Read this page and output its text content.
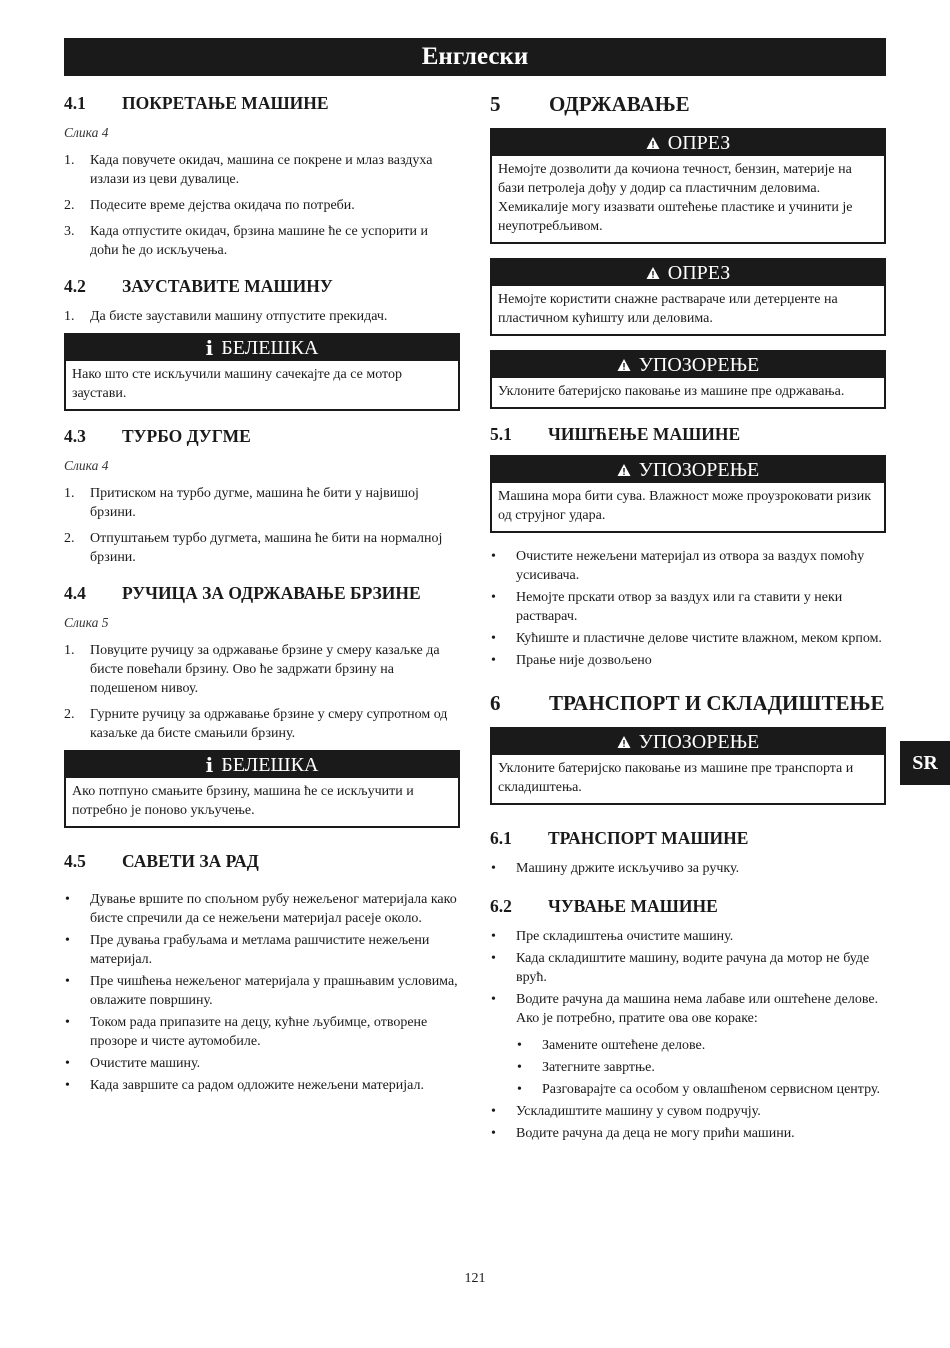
Енглески
4.1	ПОКРЕТАЊЕ МАШИНЕ
Слика 4
1. Када повучете окидач, машина се покрене и млаз ваздуха излази из цеви дувалице.
2. Подесите време дејства окидача по потреби.
3. Када отпустите окидач, брзина машине ће се успорити и доћи ће до искључења.
4.2	ЗАУСТАВИТЕ МАШИНУ
1. Да бисте зауставили машину отпустите прекидач.
i БЕЛЕШКА
Нако што сте искључили машину сачекајте да се мотор заустави.
4.3	ТУРБО ДУГМЕ
Слика 4
1. Притиском на турбо дугме, машина ће бити у највишој брзини.
2. Отпуштањем турбо дугмета, машина ће бити на нормалној брзини.
4.4	РУЧИЦА ЗА ОДРЖАВАЊЕ БРЗИНЕ
Слика 5
1. Повуците ручицу за одржавање брзине у смеру казаљке да бисте повећали брзину. Ово ће задржати брзину на подешеном нивоу.
2. Гурните ручицу за одржавање брзине у смеру супротном од казаљке да бисте смањили брзину.
i БЕЛЕШКА
Ако потпуно смањите брзину, машина ће се искључити и потребно је поново укључење.
4.5	САВЕТИ ЗА РАД
• Дување вршите по спољном рубу нежељеног материјала како бисте спречили да се нежељени материјал расеје около.
• Пре дувања грабуљама и метлама рашчистите нежељени материјал.
• Пре чишћења нежељеног материјала у прашњавим условима, овлажите површину.
• Током рада припазите на децу, кућне љубимце, отворене прозоре и чисте аутомобиле.
• Очистите машину.
• Када завршите са радом одложите нежељени материјал.
5	ОДРЖАВАЊЕ
ОПРЕЗ
Немојте дозволити да кочиона течност, бензин, материје на бази петролеја дођу у додир са пластичним деловима. Хемикалије могу изазвати оштећење пластике и учинити је неупотребљивом.
ОПРЕЗ
Немојте користити снажне раствараче или детерџенте на пластичном кућишту или деловима.
УПОЗОРЕЊЕ
Уклоните батеријско паковање из машине пре одржавања.
5.1	ЧИШЋЕЊЕ МАШИНЕ
УПОЗОРЕЊЕ
Машина мора бити сува. Влажност може проузроковати ризик од струјног удара.
• Очистите нежељени материјал из отвора за ваздух помоћу усисивача.
• Немојте прскати отвор за ваздух или га ставити у неки растварач.
• Кућиште и пластичне делове чистите влажном, меком крпом.
• Прање није дозвољено
6	ТРАНСПОРТ И СКЛАДИШТЕЊЕ
УПОЗОРЕЊЕ
Уклоните батеријско паковање из машине пре транспорта и складиштења.
6.1	ТРАНСПОРТ МАШИНЕ
• Машину држите искључиво за ручку.
6.2	ЧУВАЊЕ МАШИНЕ
• Пре складиштења очистите машину.
• Када складиштите машину, водите рачуна да мотор не буде врућ.
• Водите рачуна да машина нема лабаве или оштећене делове. Ако је потребно, пратите ова ове кораке:
• Замените оштећене делове.
• Затегните завртње.
• Разговарајте са особом у овлашћеном сервисном центру.
• Ускладиштите машину у сувом подручју.
• Водите рачуна да деца не могу прићи машини.
SR
121
